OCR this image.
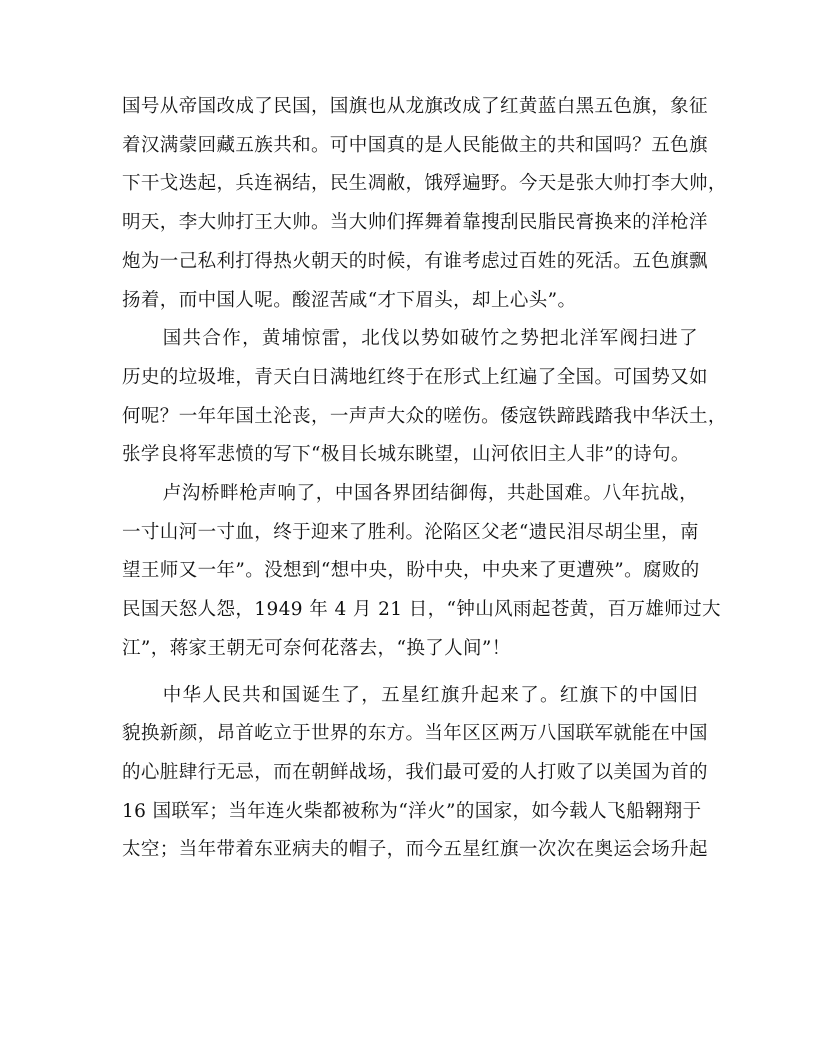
国号从帝国改成了民国，国旗也从龙旗改成了红黄蓝白黑五色旗，象征
着汉满蒙回藏五族共和。可中国真的是人民能做主的共和国吗？五色旗
下干戈迭起，兵连祸结，民生凋敝，饿殍遍野。今天是张大帅打李大帅，
明天，李大帅打王大帅。当大帅们挥舞着靠搜刮民脂民膏换来的洋枪洋
炮为一己私利打得热火朝天的时候，有谁考虑过百姓的死活。五色旗飘
扬着，而中国人呢。酸涩苦咸“才下眉头，却上心头”。
国共合作，黄埔惊雷，北伐以势如破竹之势把北洋军阀扫进了
历史的垃圾堆，青天白日满地红终于在形式上红遍了全国。可国势又如
何呢？一年年国土沦丧，一声声大众的嗟伤。倭寇铁蹄践踏我中华沃土，
张学良将军悲愤的写下“极目长城东眺望，山河依旧主人非”的诗句。
卢沟桥畔枪声响了，中国各界团结御侮，共赴国难。八年抗战，
一寸山河一寸血，终于迎来了胜利。沦陷区父老“遗民泪尽胡尘里，南
望王师又一年”。没想到“想中央，盼中央，中央来了更遭殃”。腐败的
民国天怒人怨，1949 年 4 月 21 日，“钟山风雨起苍黄，百万雄师过大
江”，蒋家王朝无可奈何花落去，“换了人间”！
中华人民共和国诞生了，五星红旗升起来了。红旗下的中国旧
貌换新颜，昂首屹立于世界的东方。当年区区两万八国联军就能在中国
的心脏肆行无忌，而在朝鲜战场，我们最可爱的人打败了以美国为首的
16 国联军；当年连火柴都被称为“洋火”的国家，如今载人飞船翱翔于
太空；当年带着东亚病夫的帽子，而今五星红旗一次次在奥运会场升起
